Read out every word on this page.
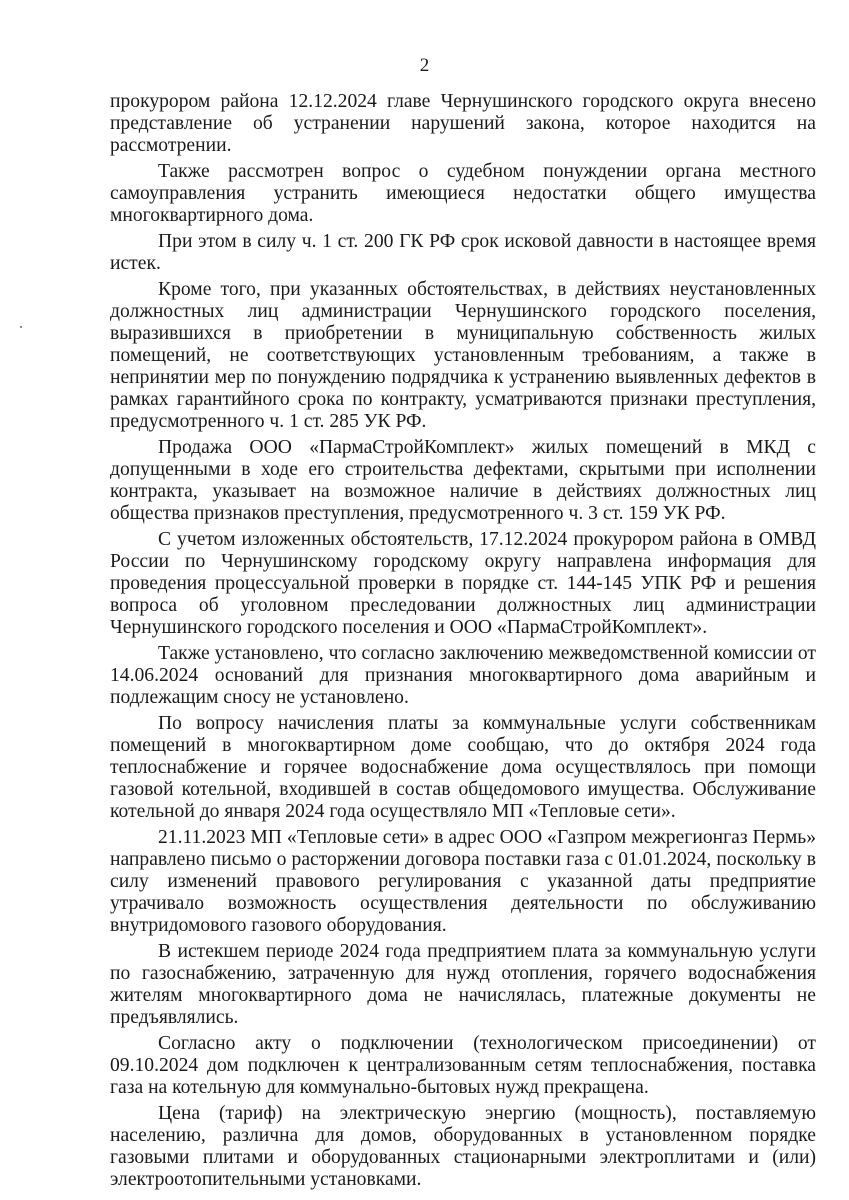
2

прокурором района 12.12.2024 главе Чернушинского городского округа внесено представление об устранении нарушений закона, которое находится на рассмотрении.

Также рассмотрен вопрос о судебном понуждении органа местного самоуправления устранить имеющиеся недостатки общего имущества многоквартирного дома.

При этом в силу ч. 1 ст. 200 ГК РФ срок исковой давности в настоящее время истек.

Кроме того, при указанных обстоятельствах, в действиях неустановленных должностных лиц администрации Чернушинского городского поселения, выразившихся в приобретении в муниципальную собственность жилых помещений, не соответствующих установленным требованиям, а также в непринятии мер по понуждению подрядчика к устранению выявленных дефектов в рамках гарантийного срока по контракту, усматриваются признаки преступления, предусмотренного ч. 1 ст. 285 УК РФ.

Продажа ООО «ПармаСтройКомплект» жилых помещений в МКД с допущенными в ходе его строительства дефектами, скрытыми при исполнении контракта, указывает на возможное наличие в действиях должностных лиц общества признаков преступления, предусмотренного ч. 3 ст. 159 УК РФ.

С учетом изложенных обстоятельств, 17.12.2024 прокурором района в ОМВД России по Чернушинскому городскому округу направлена информация для проведения процессуальной проверки в порядке ст. 144-145 УПК РФ и решения вопроса об уголовном преследовании должностных лиц администрации Чернушинского городского поселения и ООО «ПармаСтройКомплект».

Также установлено, что согласно заключению межведомственной комиссии от 14.06.2024 оснований для признания многоквартирного дома аварийным и подлежащим сносу не установлено.

По вопросу начисления платы за коммунальные услуги собственникам помещений в многоквартирном доме сообщаю, что до октября 2024 года теплоснабжение и горячее водоснабжение дома осуществлялось при помощи газовой котельной, входившей в состав общедомового имущества. Обслуживание котельной до января 2024 года осуществляло МП «Тепловые сети».

21.11.2023 МП «Тепловые сети» в адрес ООО «Газпром межрегионгаз Пермь» направлено письмо о расторжении договора поставки газа с 01.01.2024, поскольку в силу изменений правового регулирования с указанной даты предприятие утрачивало возможность осуществления деятельности по обслуживанию внутридомового газового оборудования.

В истекшем периоде 2024 года предприятием плата за коммунальную услуги по газоснабжению, затраченную для нужд отопления, горячего водоснабжения жителям многоквартирного дома не начислялась, платежные документы не предъявлялись.

Согласно акту о подключении (технологическом присоединении) от 09.10.2024 дом подключен к централизованным сетям теплоснабжения, поставка газа на котельную для коммунально-бытовых нужд прекращена.

Цена (тариф) на электрическую энергию (мощность), поставляемую населению, различна для домов, оборудованных в установленном порядке газовыми плитами и оборудованных стационарными электроплитами и (или) электроотопительными установками.
